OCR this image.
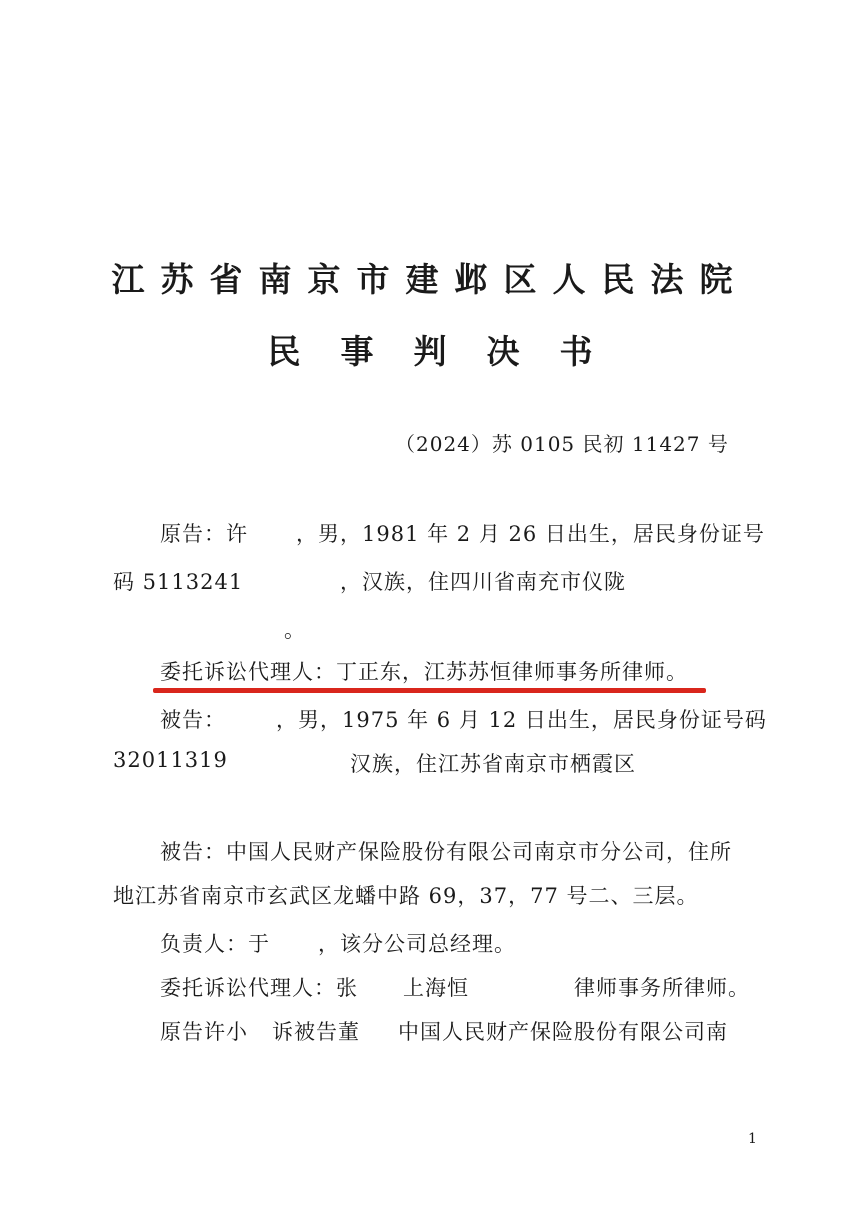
江苏省南京市建邺区人民法院
民事判决书
（2024）苏 0105 民初 11427 号
原告：许 ，男，1981 年 2 月 26 日出生，居民身份证号
码 5113241	，汉族，住四川省南充市仪陇
。
委托诉讼代理人：丁正东，江苏苏恒律师事务所律师。
被告： ，男，1975 年 6 月 12 日出生，居民身份证号码
32011319	汉族，住江苏省南京市栖霞区
被告：中国人民财产保险股份有限公司南京市分公司，住所
地江苏省南京市玄武区龙蟠中路 69，37，77 号二、三层。
负责人：于 ，该分公司总经理。
委托诉讼代理人：张 上海恒	律师事务所律师。
原告许小 诉被告董 中国人民财产保险股份有限公司南
1
